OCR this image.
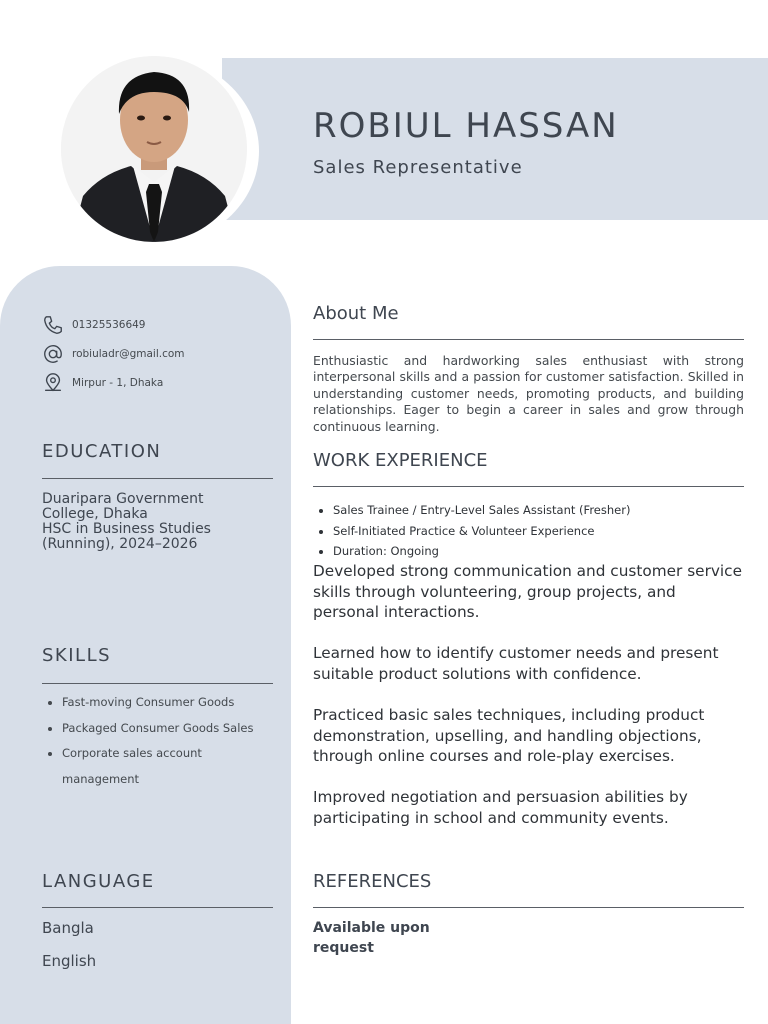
ROBIUL HASSAN
Sales Representative
01325536649
robiuladr@gmail.com
Mirpur - 1, Dhaka
EDUCATION
Duaripara Government
College, Dhaka
HSC in Business Studies
(Running), 2024–2026
SKILLS
Fast-moving Consumer Goods
Packaged Consumer Goods Sales
Corporate sales account management
LANGUAGE
Bangla
English
About Me
Enthusiastic and hardworking sales enthusiast with strong interpersonal skills and a passion for customer satisfaction. Skilled in understanding customer needs, promoting products, and building relationships. Eager to begin a career in sales and grow through continuous learning.
WORK EXPERIENCE
Sales Trainee / Entry-Level Sales Assistant (Fresher)
Self-Initiated Practice & Volunteer Experience
Duration: Ongoing
Developed strong communication and customer service skills through volunteering, group projects, and personal interactions.
Learned how to identify customer needs and present suitable product solutions with confidence.
Practiced basic sales techniques, including product demonstration, upselling, and handling objections, through online courses and role-play exercises.
Improved negotiation and persuasion abilities by participating in school and community events.
REFERENCES
Available upon request
